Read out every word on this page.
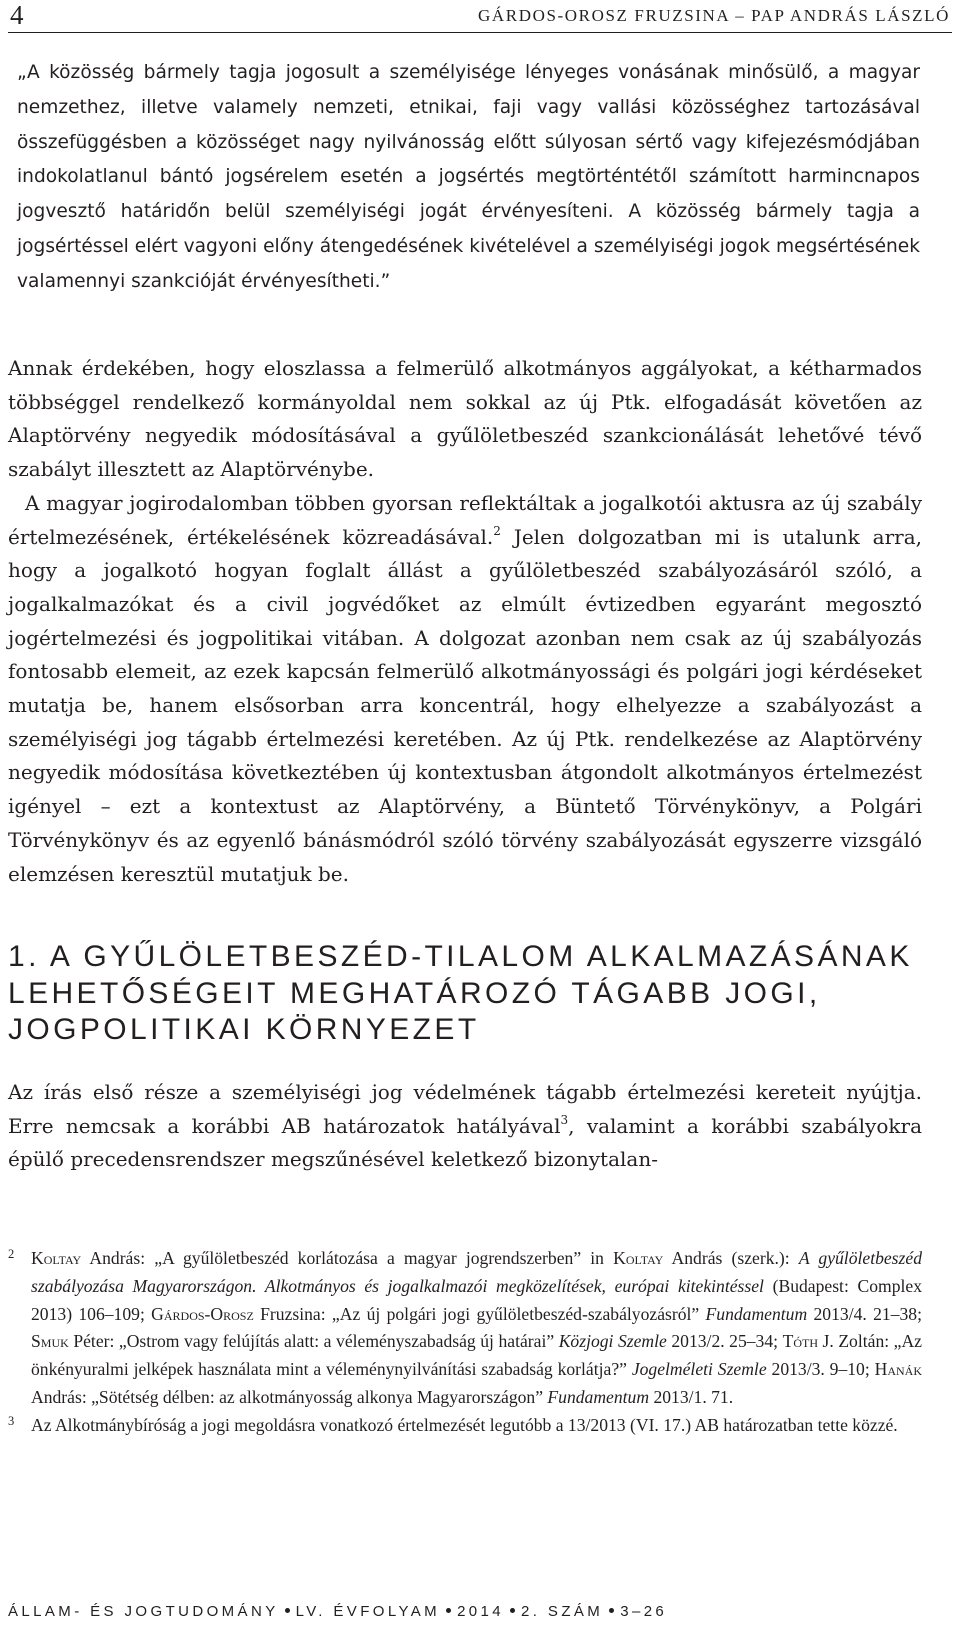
4	GÁRDOS-OROSZ FRUZSINA – PAP ANDRÁS LÁSZLÓ
„A közösség bármely tagja jogosult a személyisége lényeges vonásának minősülő, a magyar nemzethez, illetve valamely nemzeti, etnikai, faji vagy vallási közösséghez tartozásával összefüggésben a közösséget nagy nyilvánosság előtt súlyosan sértő vagy kifejezésmódjában indokolatlanul bántó jogsérelem esetén a jogsértés megtörténtétől számított harmincnapos jogvesztő határidőn belül személyiségi jogát érvényesíteni. A közösség bármely tagja a jogsértéssel elért vagyoni előny átengedésének kivételével a személyiségi jogok megsértésének valamennyi szankcióját érvényesítheti.”

Annak érdekében, hogy eloszlassa a felmerülő alkotmányos aggályokat, a kétharmados többséggel rendelkező kormányoldal nem sokkal az új Ptk. elfogadását követően az Alaptörvény negyedik módosításával a gyűlöletbeszéd szankcionálását lehetővé tévő szabályt illesztett az Alaptörvénybe.

A magyar jogirodalomban többen gyorsan reflektáltak a jogalkotói aktusra az új szabály értelmezésének, értékelésének közreadásával.$^2$ Jelen dolgozatban mi is utalunk arra, hogy a jogalkotó hogyan foglalt állást a gyűlöletbeszéd szabályozásáról szóló, a jogalkalmazókat és a civil jogvédőket az elmúlt évtizedben egyaránt megosztó jogértelmezési és jogpolitikai vitában. A dolgozat azonban nem csak az új szabályozás fontosabb elemeit, az ezek kapcsán felmerülő alkotmányossági és polgári jogi kérdéseket mutatja be, hanem elsősorban arra koncentrál, hogy elhelyezze a szabályozást a személyiségi jog tágabb értelmezési keretében. Az új Ptk. rendelkezése az Alaptörvény negyedik módosítása következtében új kontextusban átgondolt alkotmányos értelmezést igényel – ezt a kontextust az Alaptörvény, a Büntető Törvénykönyv, a Polgári Törvénykönyv és az egyenlő bánásmódról szóló törvény szabályozását egyszerre vizsgáló elemzésen keresztül mutatjuk be.

1. A GYŰLÖLETBESZÉD-TILALOM ALKALMAZÁSÁNAK
LEHETŐSÉGEIT MEGHATÁROZÓ TÁGABB JOGI,
JOGPOLITIKAI KÖRNYEZET

Az írás első része a személyiségi jog védelmének tágabb értelmezési kereteit nyújtja. Erre nemcsak a korábbi AB határozatok hatályával$^3$, valamint a korábbi szabályokra épülő precedensrendszer megszűnésével keletkező bizonytalan-

2 Koltay András: „A gyűlöletbeszéd korlátozása a magyar jogrendszerben” in Koltay András (szerk.): A gyűlöletbeszéd szabályozása Magyarországon. Alkotmányos és jogalkalmazói megközelítések, európai kitekintéssel (Budapest: Complex 2013) 106–109; Gárdos-Orosz Fruzsina: „Az új polgári jogi gyűlöletbeszéd-szabályozásról” Fundamentum 2013/4. 21–38; Smuk Péter: „Ostrom vagy felújítás alatt: a véleményszabadság új határai” Közjogi Szemle 2013/2. 25–34; Tóth J. Zoltán: „Az önkényuralmi jelképek használata mint a véleménynyilvánítási szabadság korlátja?” Jogelméleti Szemle 2013/3. 9–10; Hanák András: „Sötétség délben: az alkotmányosság alkonya Magyarországon” Fundamentum 2013/1. 71.
3 Az Alkotmánybíróság a jogi megoldásra vonatkozó értelmezését legutóbb a 13/2013 (VI. 17.) AB határozatban tette közzé.
ÁLLAM- ÉS JOGTUDOMÁNY LV. ÉVFOLYAM 2014 2. SZÁM 3–26
